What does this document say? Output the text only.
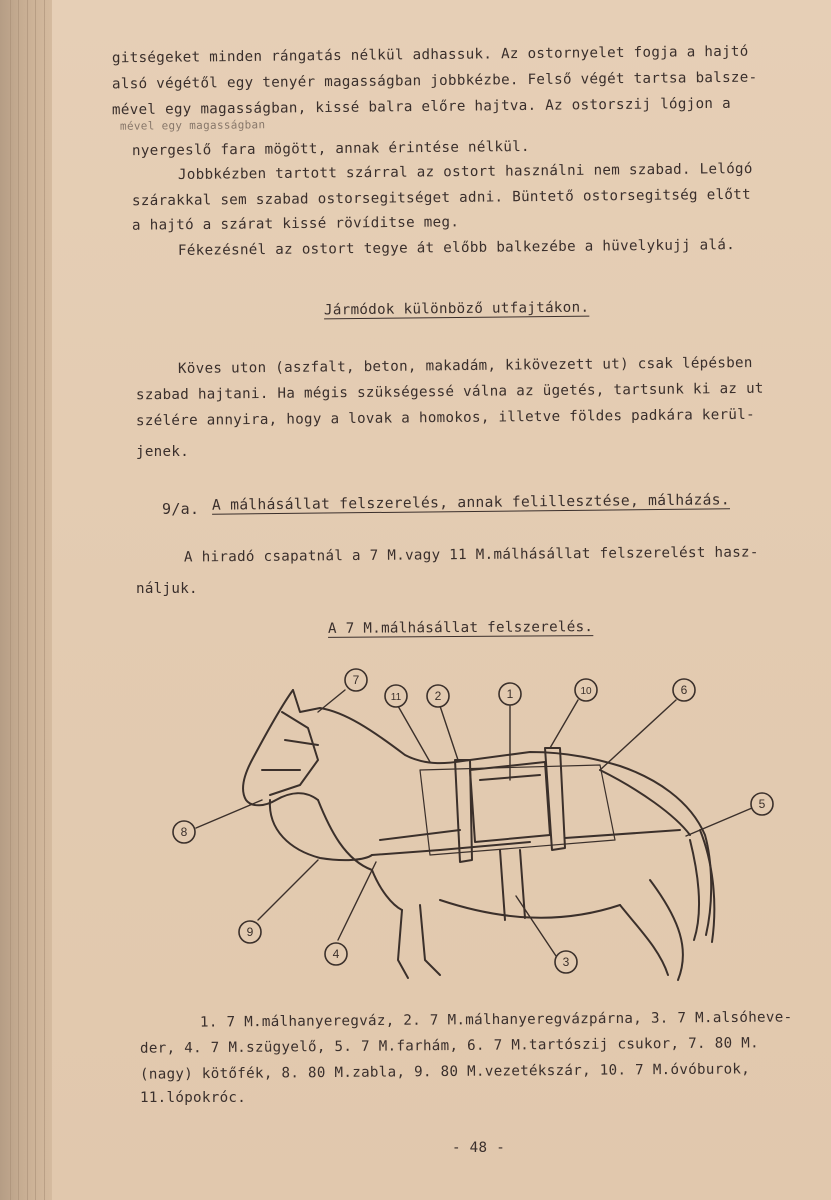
gitségeket minden rángatás nélkül adhassuk. Az ostornyelet fogja a hajtó
alsó végétől egy tenyér magasságban jobbkézbe. Felső végét tartsa balsze-
mével egy magasságban, kissé balra előre hajtva. Az ostorszij lógjon a
mével egy magasságban
nyergeslő fara mögött, annak érintése nélkül.
Jobbkézben tartott szárral az ostort használni nem szabad. Lelógó
szárakkal sem szabad ostorsegitséget adni. Büntető ostorsegitség előtt
a hajtó a szárat kissé rövíditse meg.
Fékezésnél az ostort tegye át előbb balkezébe a hüvelykujj alá.
Jármódok különböző utfajtákon.
Köves uton (aszfalt, beton, makadám, kikövezett ut) csak lépésben
szabad hajtani. Ha mégis szükségessé válna az ügetés, tartsunk ki az ut
szélére annyira, hogy a lovak a homokos, illetve földes padkára kerül-
jenek.
9/a. A málhásállat felszerelés, annak felillesztése, málházás.
A hiradó csapatnál a 7 M.vagy 11 M.málhásállat felszerelést hasz-
náljuk.
A 7 M.málhásállat felszerelés.
7
11	2	1	10	6
8
5
9
4
3
1. 7 M.málhanyeregváz, 2. 7 M.málhanyeregvázpárna, 3. 7 M.alsóheve-
der, 4. 7 M.szügyelő, 5. 7 M.farhám, 6. 7 M.tartószij csukor, 7. 80 M.
(nagy) kötőfék, 8. 80 M.zabla, 9. 80 M.vezetékszár, 10. 7 M.óvóburok,
11.lópokróc.
- 48 -
